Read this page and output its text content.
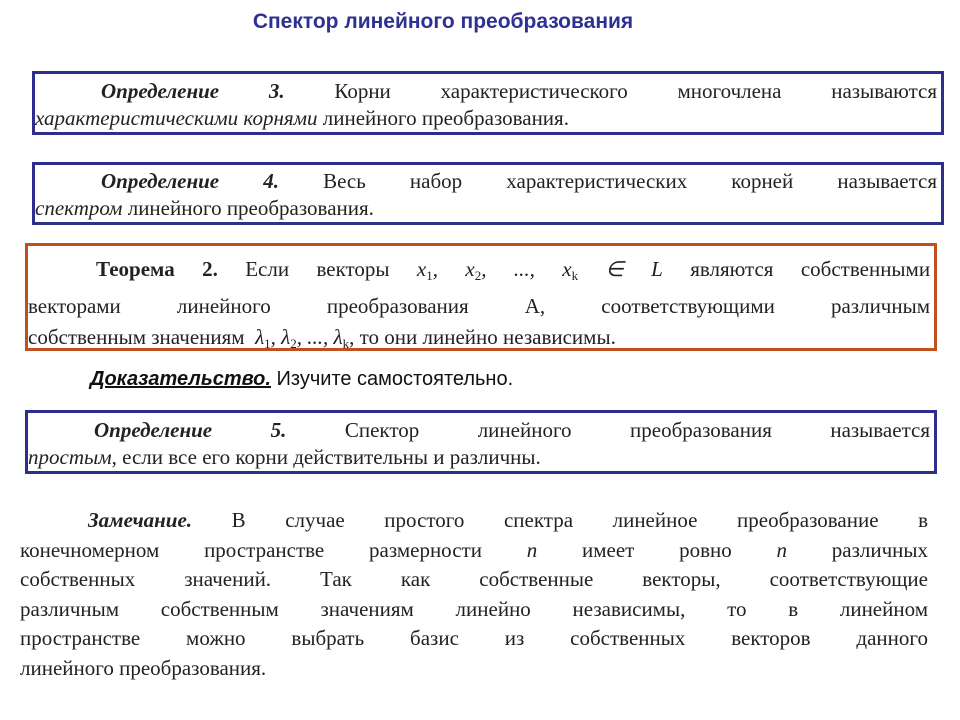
Спектор линейного преобразования
Определение 3. Корни характеристического многочлена называются
характеристическими корнями линейного преобразования.
Определение 4. Весь набор характеристических корней называется
спектром линейного преобразования.
Теорема 2. Если векторы $x_1$, $x_2$, ..., $x_k$ ∈ L являются собственными
векторами линейного преобразования A, соответствующими различным
собственным значениям $\lambda_1$, $\lambda_2$, ..., $\lambda_k$, то они линейно независимы.
Доказательство. Изучите самостоятельно.
Определение 5.	Спектор линейного преобразования называется
простым, если все его корни действительны и различны.
Замечание. В случае простого спектра линейное преобразование в
конечномерном пространстве размерности n имеет ровно n различных
собственных значений. Так как собственные векторы, соответствующие
различным собственным значениям линейно независимы, то в линейном
пространстве можно выбрать базис из собственных векторов данного
линейного преобразования.
